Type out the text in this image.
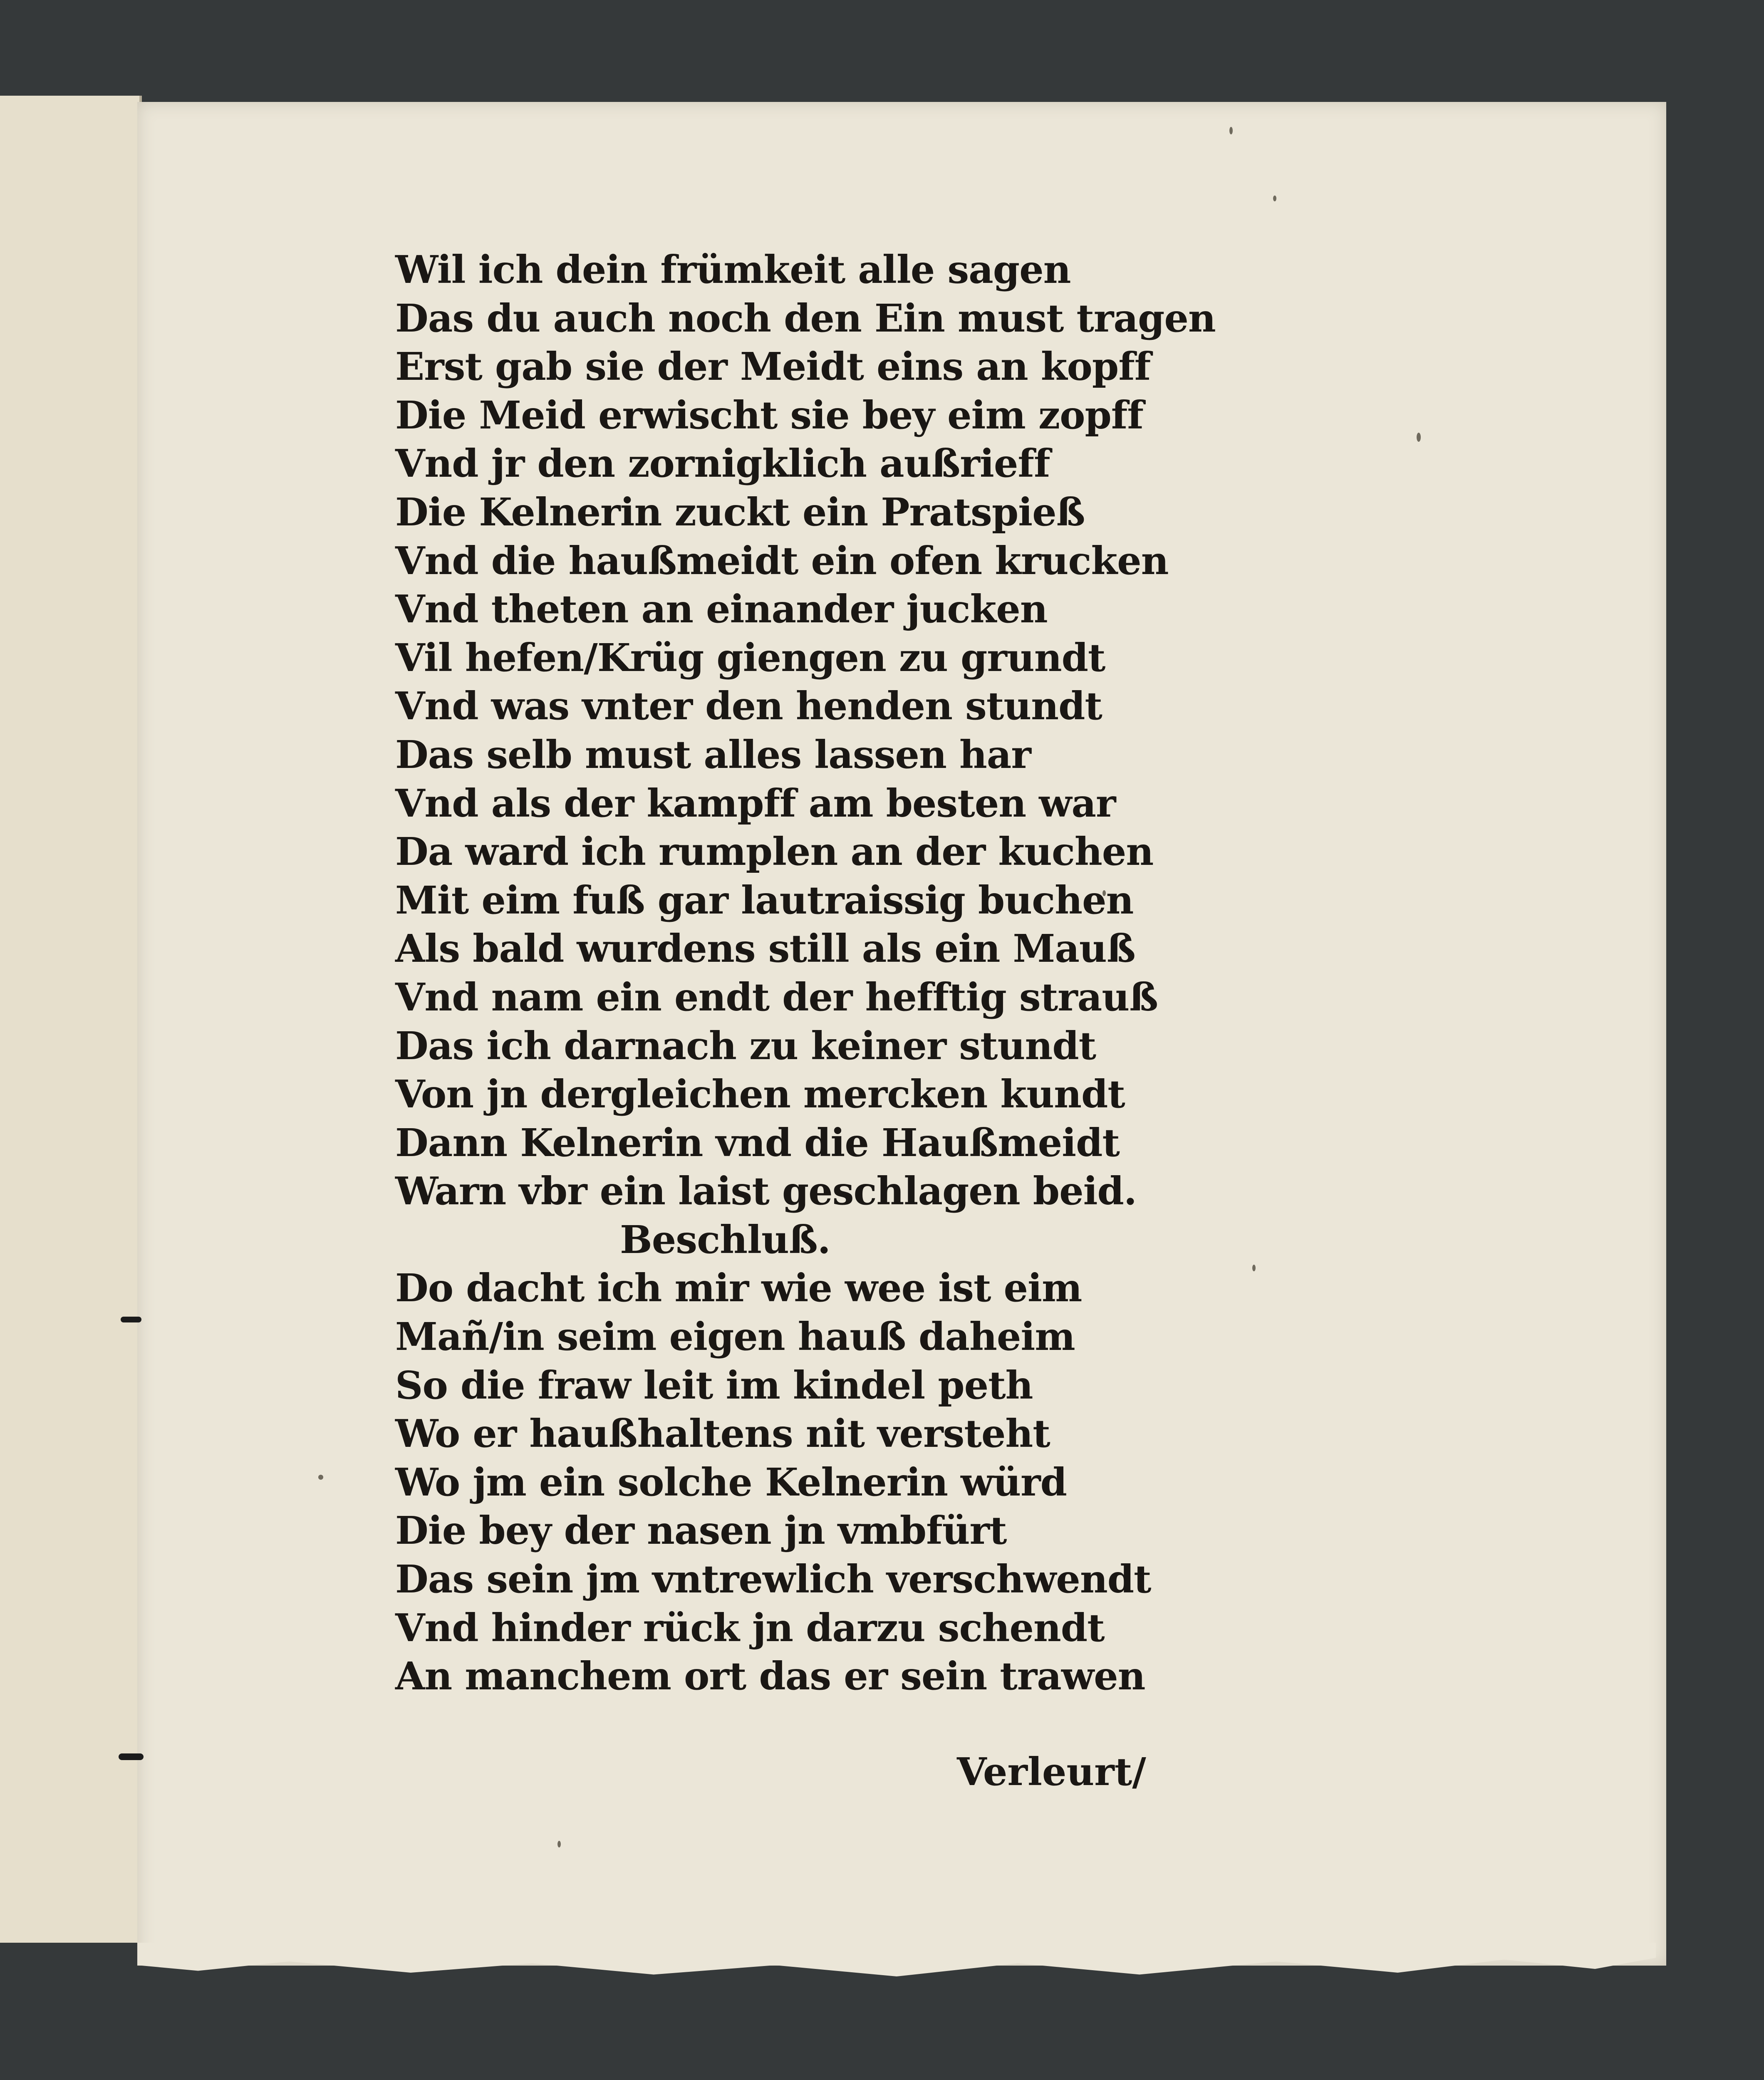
Wil ich dein frümkeit alle sagen
Das du auch noch den Ein must tragen
Erst gab sie der Meidt eins an kopff
Die Meid erwischt sie bey eim zopff
Vnd jr den zornigklich außrieff
Die Kelnerin zuckt ein Pratspieß
Vnd die haußmeidt ein ofen krucken
Vnd theten an einander jucken
Vil hefen/Krüg giengen zu grundt
Vnd was vnter den henden stundt
Das selb must alles lassen har
Vnd als der kampff am besten war
Da ward ich rumplen an der kuchen
Mit eim fuß gar lautraissig buchen
Als bald wurdens still als ein Mauß
Vnd nam ein endt der hefftig strauß
Das ich darnach zu keiner stundt
Von jn dergleichen mercken kundt
Dann Kelnerin vnd die Haußmeidt
Warn vbr ein laist geschlagen beid.
Beschluß.
Do dacht ich mir wie wee ist eim
Mañ/in seim eigen hauß daheim
So die fraw leit im kindel peth
Wo er haußhaltens nit versteht
Wo jm ein solche Kelnerin würd
Die bey der nasen jn vmbfürt
Das sein jm vntrewlich verschwendt
Vnd hinder rück jn darzu schendt
An manchem ort das er sein trawen
Verleurt/
